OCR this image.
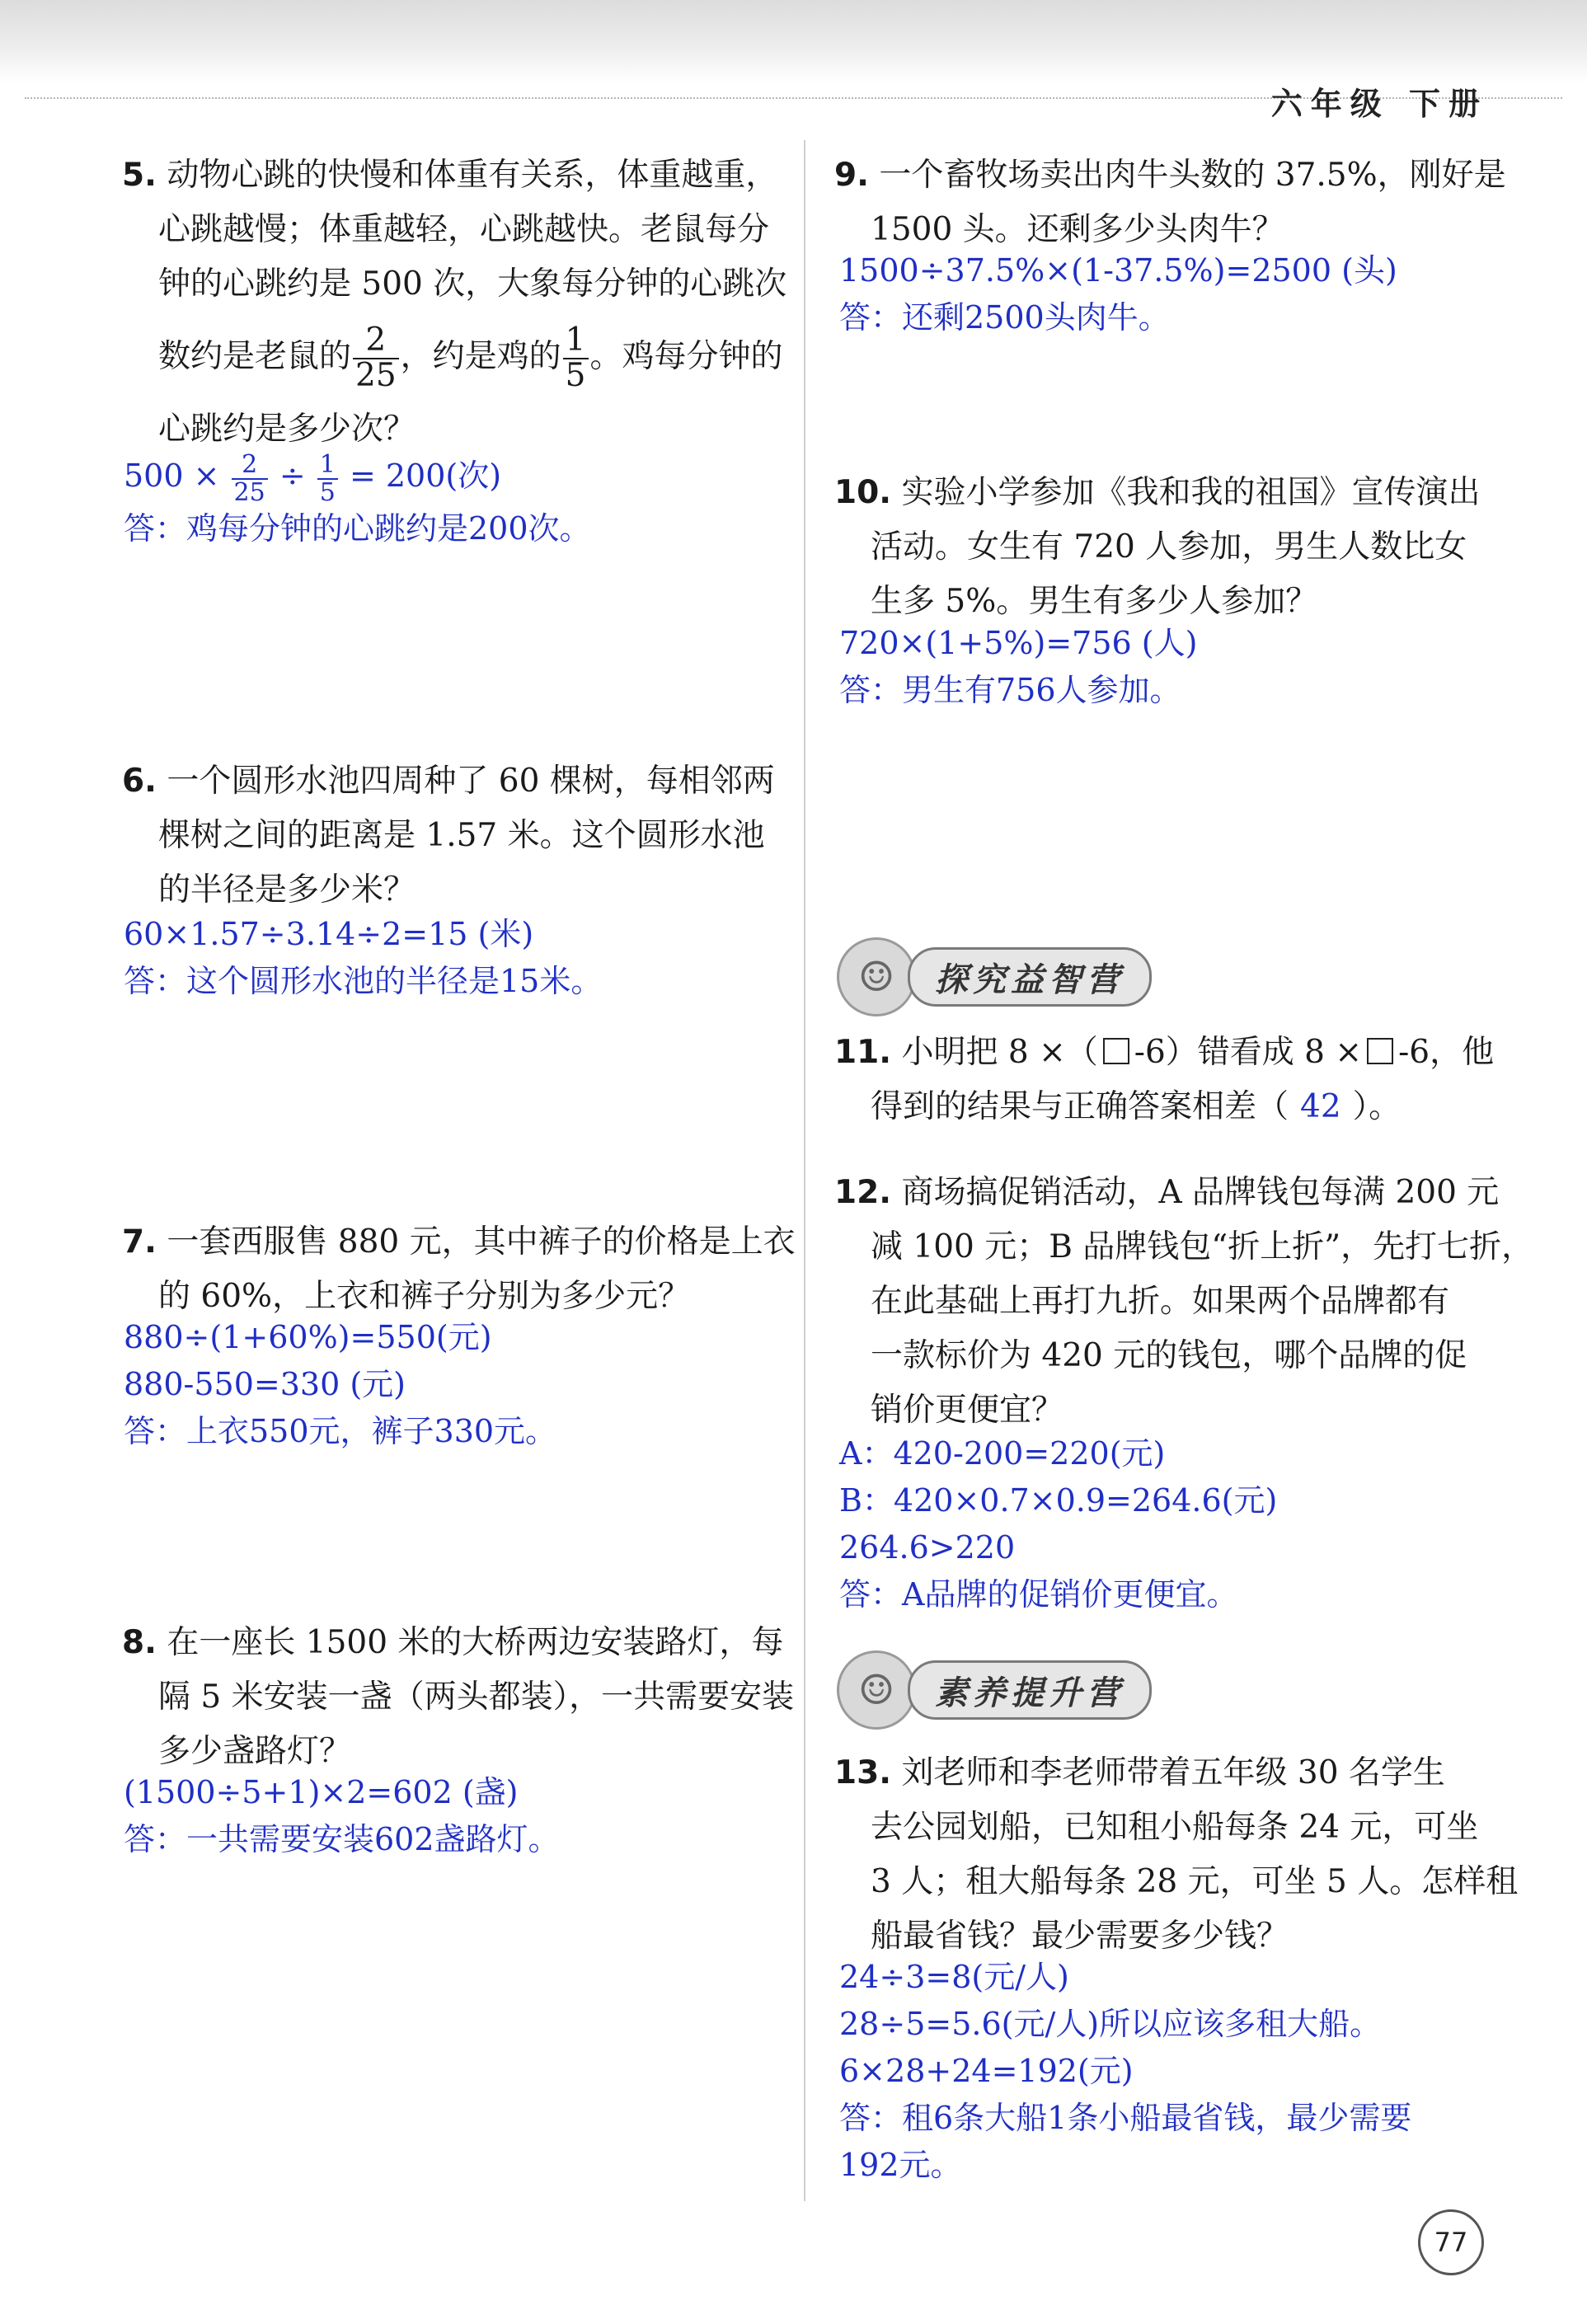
六年级 下册
5. 动物心跳的快慢和体重有关系，体重越重，
心跳越慢；体重越轻，心跳越快。老鼠每分
钟的心跳约是 500 次，大象每分钟的心跳次
数约是老鼠的 $\frac{2}{25}$ ，约是鸡的 $\frac{1}{5}$ 。鸡每分钟的
心跳约是多少次？
$500 \times \frac{2}{25} \div \frac{1}{5} = 200$(次)
答：鸡每分钟的心跳约是200次。
6. 一个圆形水池四周种了 60 棵树，每相邻两
棵树之间的距离是 1.57 米。这个圆形水池
的半径是多少米？
60×1.57÷3.14÷2=15 (米)
答：这个圆形水池的半径是15米。
7. 一套西服售 880 元，其中裤子的价格是上衣
的 60%，上衣和裤子分别为多少元？
880÷(1+60%)=550(元)
880-550=330 (元)
答：上衣550元，裤子330元。
8. 在一座长 1500 米的大桥两边安装路灯，每
隔 5 米安装一盏（两头都装），一共需要安装
多少盏路灯？
(1500÷5+1)×2=602 (盏)
答：一共需要安装602盏路灯。
9. 一个畜牧场卖出肉牛头数的 37.5%，刚好是
1500 头。还剩多少头肉牛？
1500÷37.5%×(1-37.5%)=2500 (头)
答：还剩2500头肉牛。
10. 实验小学参加《我和我的祖国》宣传演出
活动。女生有 720 人参加，男生人数比女
生多 5%。男生有多少人参加？
720×(1+5%)=756 (人)
答：男生有756人参加。
☺	探究益智营
11. 小明把 8 ×（ -6）错看成 8 × -6，他
得到的结果与正确答案相差（ 42 ）。
12. 商场搞促销活动，A 品牌钱包每满 200 元
减 100 元；B 品牌钱包“折上折”，先打七折，
在此基础上再打九折。如果两个品牌都有
一款标价为 420 元的钱包，哪个品牌的促
销价更便宜？
A：420-200=220(元)
B：420×0.7×0.9=264.6(元)
264.6>220
答：A品牌的促销价更便宜。
☺	素养提升营
13. 刘老师和李老师带着五年级 30 名学生
去公园划船，已知租小船每条 24 元，可坐
3 人；租大船每条 28 元，可坐 5 人。怎样租
船最省钱？最少需要多少钱？
24÷3=8(元/人)
28÷5=5.6(元/人)所以应该多租大船。
6×28+24=192(元)
答：租6条大船1条小船最省钱，最少需要
192元。
77
